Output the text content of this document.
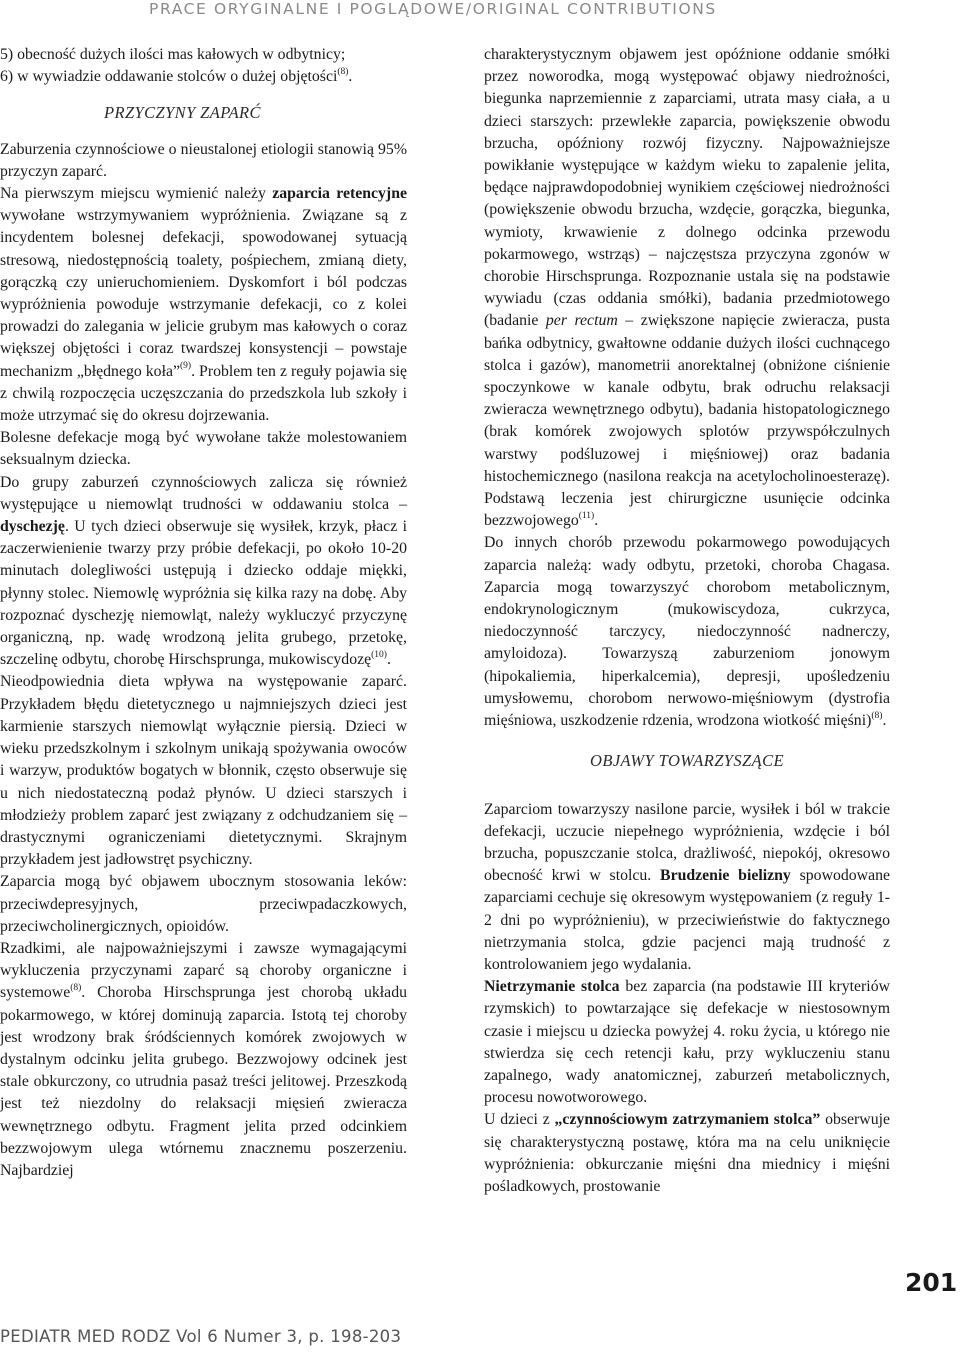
PRACE ORYGINALNE I POGLĄDOWE/ORIGINAL CONTRIBUTIONS

5) obecność dużych ilości mas kałowych w odbytnicy;

6) w wywiadzie oddawanie stolców o dużej objętości$^{(8)}$.

PRZYCZYNY ZAPARĆ

Zaburzenia czynnościowe o nieustalonej etiologii stanowią 95% przyczyn zaparć.

Na pierwszym miejscu wymienić należy zaparcia retencyjne wywołane wstrzymywaniem wypróżnienia. Związane są z incydentem bolesnej defekacji, spowodowanej sytuacją stresową, niedostępnością toalety, pośpiechem, zmianą diety, gorączką czy unieruchomieniem. Dyskomfort i ból podczas wypróżnienia powoduje wstrzymanie defekacji, co z kolei prowadzi do zalegania w jelicie grubym mas kałowych o coraz większej objętości i coraz twardszej konsystencji – powstaje mechanizm „błędnego koła”$^{(9)}$. Problem ten z reguły pojawia się z chwilą rozpoczęcia uczęszczania do przedszkola lub szkoły i może utrzymać się do okresu dojrzewania.

Bolesne defekacje mogą być wywołane także molestowaniem seksualnym dziecka.

Do grupy zaburzeń czynnościowych zalicza się również występujące u niemowląt trudności w oddawaniu stolca – dyschezję. U tych dzieci obserwuje się wysiłek, krzyk, płacz i zaczerwienienie twarzy przy próbie defekacji, po około 10-20 minutach dolegliwości ustępują i dziecko oddaje miękki, płynny stolec. Niemowlę wypróżnia się kilka razy na dobę. Aby rozpoznać dyschezję niemowląt, należy wykluczyć przyczynę organiczną, np. wadę wrodzoną jelita grubego, przetokę, szczelinę odbytu, chorobę Hirschsprunga, mukowiscydozę$^{(10)}$.

Nieodpowiednia dieta wpływa na występowanie zaparć. Przykładem błędu dietetycznego u najmniejszych dzieci jest karmienie starszych niemowląt wyłącznie piersią. Dzieci w wieku przedszkolnym i szkolnym unikają spożywania owoców i warzyw, produktów bogatych w błonnik, często obserwuje się u nich niedostateczną podaż płynów. U dzieci starszych i młodzieży problem zaparć jest związany z odchudzaniem się – drastycznymi ograniczeniami dietetycznymi. Skrajnym przykładem jest jadłowstręt psychiczny.

Zaparcia mogą być objawem ubocznym stosowania leków: przeciwdepresyjnych, przeciwpadaczkowych, przeciwcholinergicznych, opioidów.

Rzadkimi, ale najpoważniejszymi i zawsze wymagającymi wykluczenia przyczynami zaparć są choroby organiczne i systemowe$^{(8)}$. Choroba Hirschsprunga jest chorobą układu pokarmowego, w której dominują zaparcia. Istotą tej choroby jest wrodzony brak śródściennych komórek zwojowych w dystalnym odcinku jelita grubego. Bezzwojowy odcinek jest stale obkurczony, co utrudnia pasaż treści jelitowej. Przeszkodą jest też niezdolny do relaksacji mięsień zwieracza wewnętrznego odbytu. Fragment jelita przed odcinkiem bezzwojowym ulega wtórnemu znacznemu poszerzeniu. Najbardziej

charakterystycznym objawem jest opóźnione oddanie smółki przez noworodka, mogą występować objawy niedrożności, biegunka naprzemiennie z zaparciami, utrata masy ciała, a u dzieci starszych: przewlekłe zaparcia, powiększenie obwodu brzucha, opóźniony rozwój fizyczny. Najpoważniejsze powikłanie występujące w każdym wieku to zapalenie jelita, będące najprawdopodobniej wynikiem częściowej niedrożności (powiększenie obwodu brzucha, wzdęcie, gorączka, biegunka, wymioty, krwawienie z dolnego odcinka przewodu pokarmowego, wstrząs) – najczęstsza przyczyna zgonów w chorobie Hirschsprunga. Rozpoznanie ustala się na podstawie wywiadu (czas oddania smółki), badania przedmiotowego (badanie per rectum – zwiększone napięcie zwieracza, pusta bańka odbytnicy, gwałtowne oddanie dużych ilości cuchnącego stolca i gazów), manometrii anorektalnej (obniżone ciśnienie spoczynkowe w kanale odbytu, brak odruchu relaksacji zwieracza wewnętrznego odbytu), badania histopatologicznego (brak komórek zwojowych splotów przywspółczulnych warstwy podśluzowej i mięśniowej) oraz badania histochemicznego (nasilona reakcja na acetylocholinoesterazę). Podstawą leczenia jest chirurgiczne usunięcie odcinka bezzwojowego$^{(11)}$.

Do innych chorób przewodu pokarmowego powodujących zaparcia należą: wady odbytu, przetoki, choroba Chagasa. Zaparcia mogą towarzyszyć chorobom metabolicznym, endokrynologicznym (mukowiscydoza, cukrzyca, niedoczynność tarczycy, niedoczynność nadnerczy, amyloidoza). Towarzyszą zaburzeniom jonowym (hipokaliemia, hiperkalcemia), depresji, upośledzeniu umysłowemu, chorobom nerwowo-mięśniowym (dystrofia mięśniowa, uszkodzenie rdzenia, wrodzona wiotkość mięśni)$^{(8)}$.

OBJAWY TOWARZYSZĄCE

Zaparciom towarzyszy nasilone parcie, wysiłek i ból w trakcie defekacji, uczucie niepełnego wypróżnienia, wzdęcie i ból brzucha, popuszczanie stolca, drażliwość, niepokój, okresowo obecność krwi w stolcu. Brudzenie bielizny spowodowane zaparciami cechuje się okresowym występowaniem (z reguły 1-2 dni po wypróżnieniu), w przeciwieństwie do faktycznego nietrzymania stolca, gdzie pacjenci mają trudność z kontrolowaniem jego wydalania.

Nietrzymanie stolca bez zaparcia (na podstawie III kryteriów rzymskich) to powtarzające się defekacje w niestosownym czasie i miejscu u dziecka powyżej 4. roku życia, u którego nie stwierdza się cech retencji kału, przy wykluczeniu stanu zapalnego, wady anatomicznej, zaburzeń metabolicznych, procesu nowotworowego.

U dzieci z „czynnościowym zatrzymaniem stolca” obserwuje się charakterystyczną postawę, która ma na celu uniknięcie wypróżnienia: obkurczanie mięśni dna miednicy i mięśni pośladkowych, prostowanie

201
PEDIATR MED RODZ Vol 6 Numer 3, p. 198-203
